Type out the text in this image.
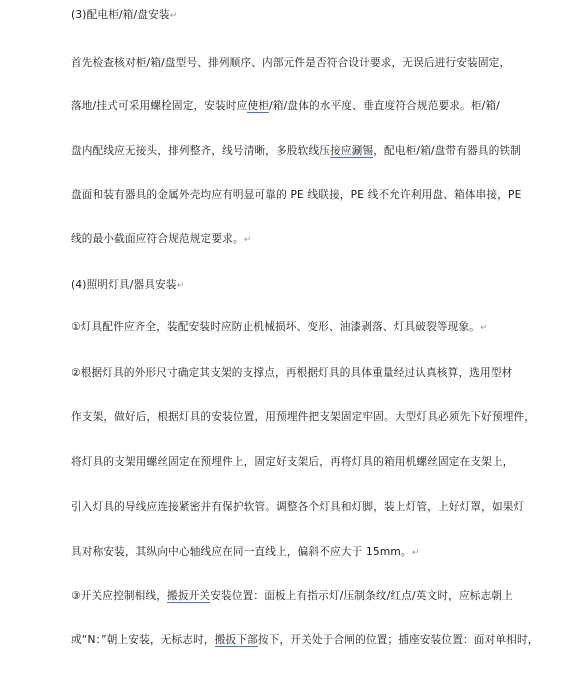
(3)配电柜/箱/盘安装↵
首先检查核对柜/箱/盘型号、排列顺序、内部元件是否符合设计要求，无误后进行安装固定，
落地/挂式可采用螺栓固定，安装时应使柜/箱/盘体的水平度、垂直度符合规范要求。柜/箱/
盘内配线应无接头，排列整齐，线号清晰，多股软线压接应涮锡，配电柜/箱/盘带有器具的铁制
盘面和装有器具的金属外壳均应有明显可靠的 PE 线联接，PE 线不允许利用盘、箱体串接，PE
线的最小截面应符合规范规定要求。↵
(4)照明灯具/器具安装↵
①灯具配件应齐全，装配安装时应防止机械损坏、变形、油漆剥落、灯具破裂等现象。↵
②根据灯具的外形尺寸确定其支架的支撑点，再根据灯具的具体重量经过认真核算，选用型材
作支架，做好后，根据灯具的安装位置，用预埋件把支架固定牢固。大型灯具必须先下好预埋件，
将灯具的支架用螺丝固定在预埋件上，固定好支架后，再将灯具的箱用机螺丝固定在支架上，
引入灯具的导线应连接紧密并有保护软管。调整各个灯具和灯脚，装上灯管，上好灯罩，如果灯
具对称安装，其纵向中心轴线应在同一直线上，偏斜不应大于 15mm。↵
③开关应控制相线，搬扳开关安装位置：面板上有指示灯/压制条纹/红点/英文时，应标志朝上
或“N：”朝上安装，无标志时，搬扳下部按下，开关处于合闸的位置；插座安装位置：面对单相时，
